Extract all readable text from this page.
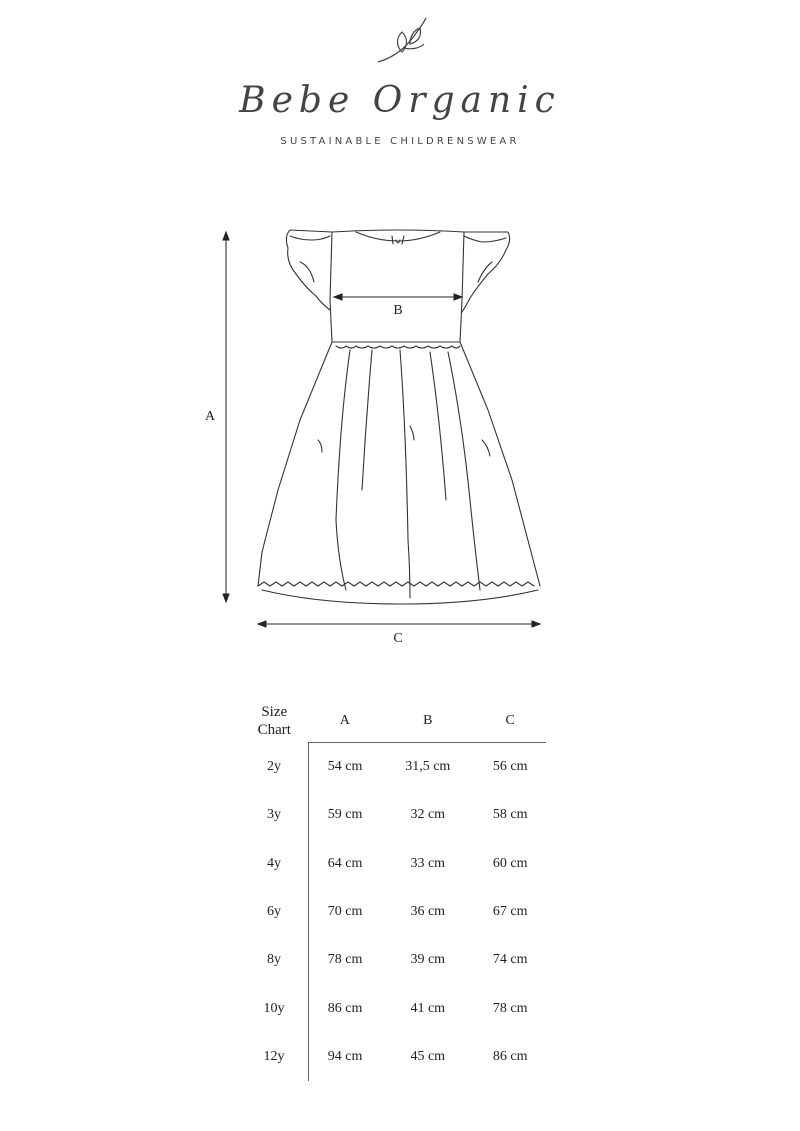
Bebe Organic
SUSTAINABLE CHILDRENSWEAR
A
B
C
Size Chart	A	B	C
2y	54 cm	31,5 cm	56 cm
3y	59 cm	32 cm	58 cm
4y	64 cm	33 cm	60 cm
6y	70 cm	36 cm	67 cm
8y	78 cm	39 cm	74 cm
10y	86 cm	41 cm	78 cm
12y	94 cm	45 cm	86 cm
